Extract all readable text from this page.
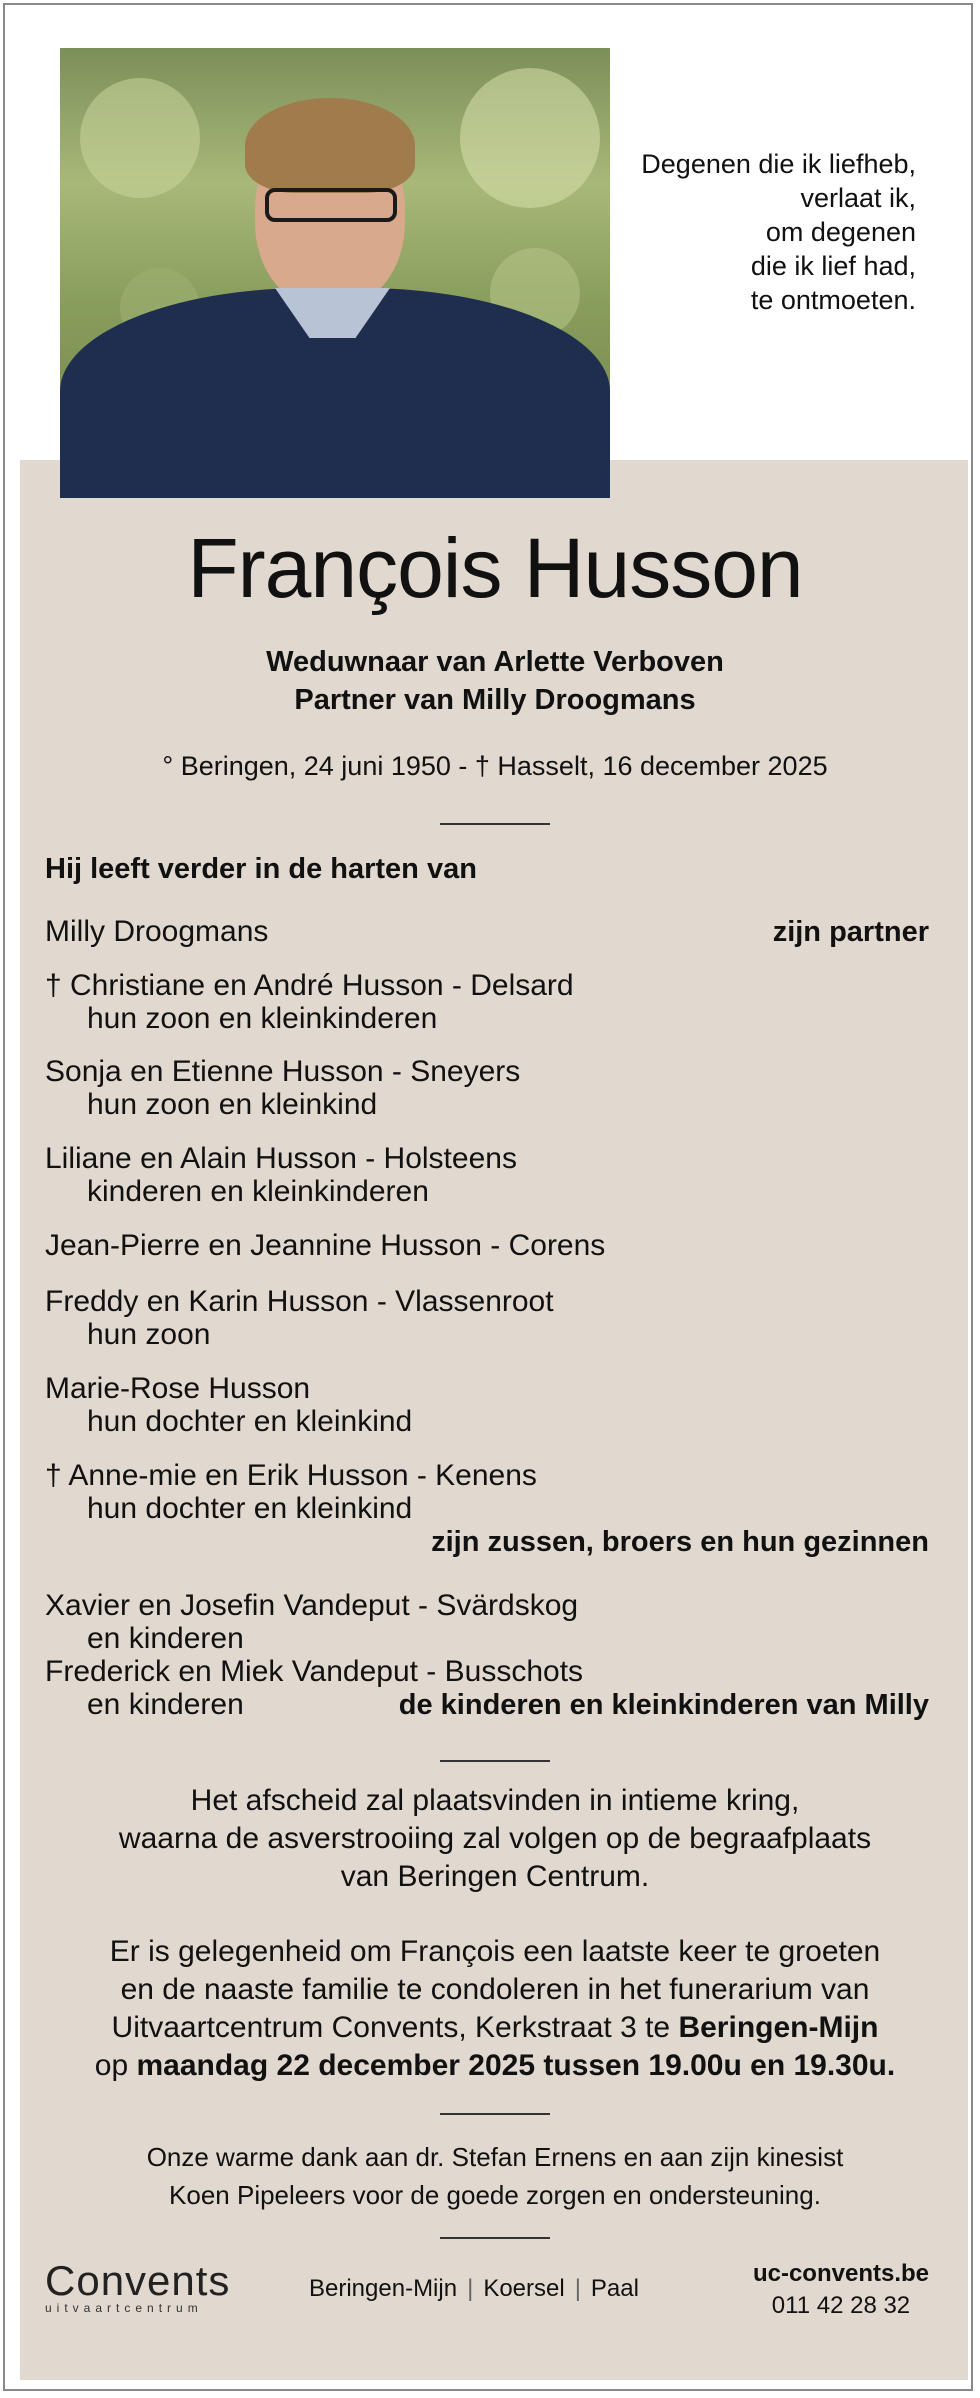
Degenen die ik liefheb,
verlaat ik,
om degenen
die ik lief had,
te ontmoeten.
François Husson
Weduwnaar van Arlette Verboven
Partner van Milly Droogmans
° Beringen, 24 juni 1950 - † Hasselt, 16 december 2025
Hij leeft verder in de harten van
Milly Droogmans	zijn partner
† Christiane en André Husson - Delsard
hun zoon en kleinkinderen
Sonja en Etienne Husson - Sneyers
hun zoon en kleinkind
Liliane en Alain Husson - Holsteens
kinderen en kleinkinderen
Jean-Pierre en Jeannine Husson - Corens
Freddy en Karin Husson - Vlassenroot
hun zoon
Marie-Rose Husson
hun dochter en kleinkind
† Anne-mie en Erik Husson - Kenens
hun dochter en kleinkind
zijn zussen, broers en hun gezinnen
Xavier en Josefin Vandeput - Svärdskog
en kinderen
Frederick en Miek Vandeput - Busschots
en kinderen	de kinderen en kleinkinderen van Milly
Het afscheid zal plaatsvinden in intieme kring,
waarna de asverstrooiing zal volgen op de begraafplaats
van Beringen Centrum.
Er is gelegenheid om François een laatste keer te groeten
en de naaste familie te condoleren in het funerarium van
Uitvaartcentrum Convents, Kerkstraat 3 te Beringen-Mijn
op maandag 22 december 2025 tussen 19.00u en 19.30u.
Onze warme dank aan dr. Stefan Ernens en aan zijn kinesist
Koen Pipeleers voor de goede zorgen en ondersteuning.
Convents
uitvaartcentrum
Beringen-Mijn | Koersel | Paal
uc-convents.be
011 42 28 32
